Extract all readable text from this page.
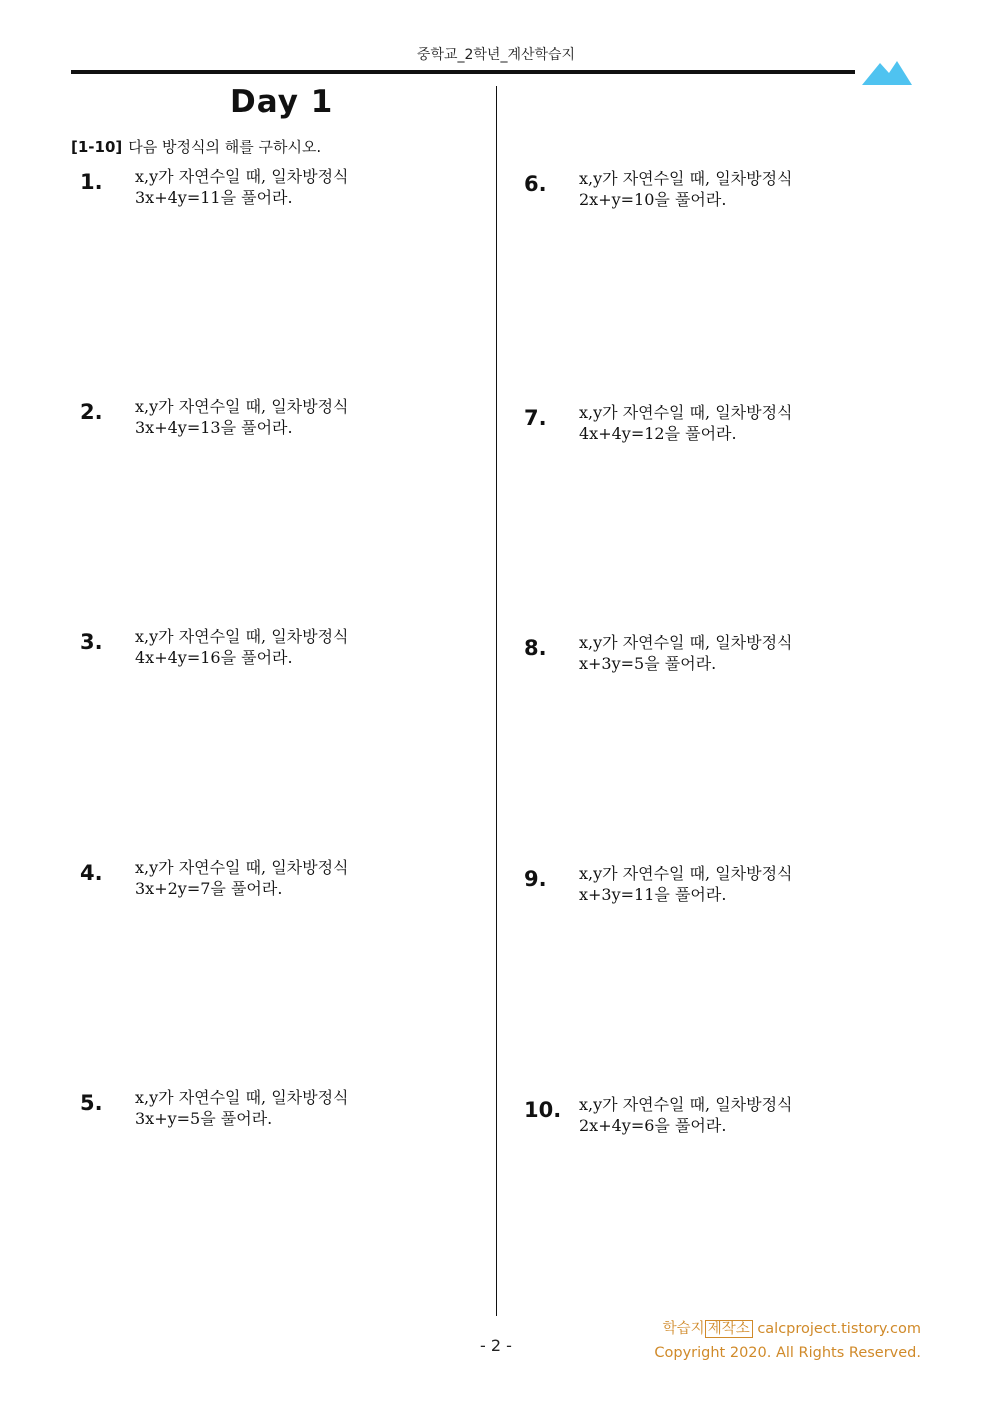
중학교_2학년_계산학습지
Day 1
[1-10] 다음 방정식의 해를 구하시오.
1. x,y가 자연수일 때, 일차방정식
3x+4y=11을 풀어라.
2. x,y가 자연수일 때, 일차방정식
3x+4y=13을 풀어라.
3. x,y가 자연수일 때, 일차방정식
4x+4y=16을 풀어라.
4. x,y가 자연수일 때, 일차방정식
3x+2y=7을 풀어라.
5. x,y가 자연수일 때, 일차방정식
3x+y=5을 풀어라.
6. x,y가 자연수일 때, 일차방정식
2x+y=10을 풀어라.
7. x,y가 자연수일 때, 일차방정식
4x+4y=12을 풀어라.
8. x,y가 자연수일 때, 일차방정식
x+3y=5을 풀어라.
9. x,y가 자연수일 때, 일차방정식
x+3y=11을 풀어라.
10. x,y가 자연수일 때, 일차방정식
2x+4y=6을 풀어라.
- 2 -
학습지 제작소 calcproject.tistory.com
Copyright 2020. All Rights Reserved.
